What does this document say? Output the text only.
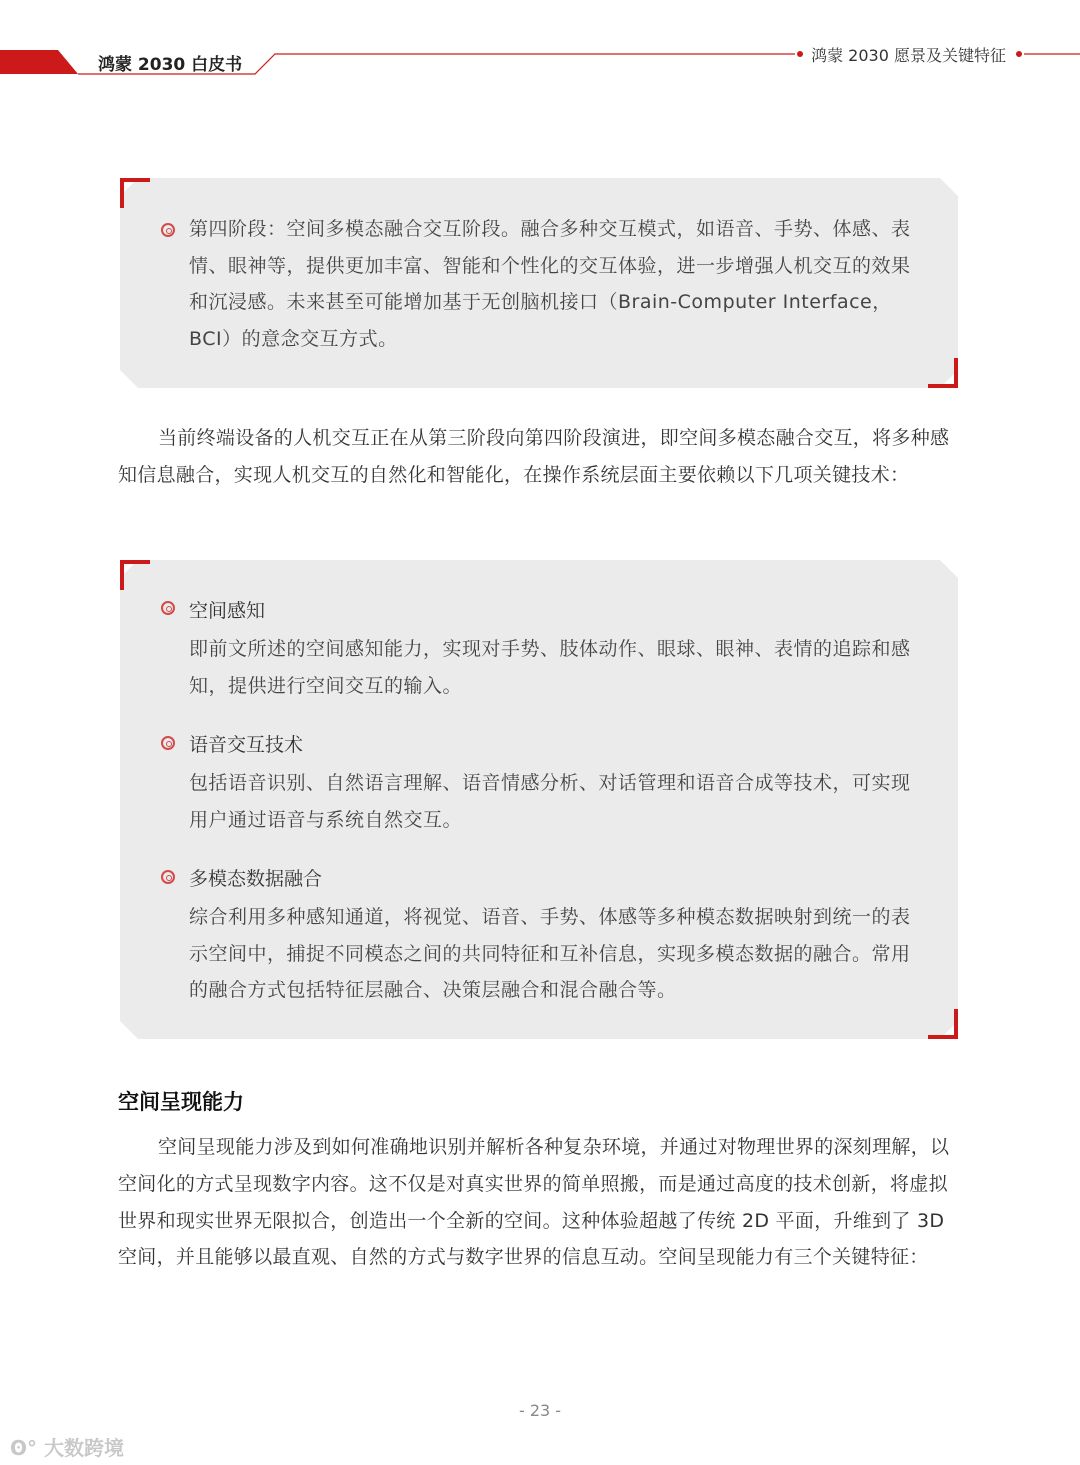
鸿蒙 2030 白皮书	鸿蒙 2030 愿景及关键特征
第四阶段：空间多模态融合交互阶段。融合多种交互模式，如语音、手势、体感、表情、眼神等，提供更加丰富、智能和个性化的交互体验，进一步增强人机交互的效果和沉浸感。未来甚至可能增加基于无创脑机接口（Brain-Computer Interface，BCI）的意念交互方式。
当前终端设备的人机交互正在从第三阶段向第四阶段演进，即空间多模态融合交互，将多种感知信息融合，实现人机交互的自然化和智能化，在操作系统层面主要依赖以下几项关键技术：
空间感知
即前文所述的空间感知能力，实现对手势、肢体动作、眼球、眼神、表情的追踪和感知，提供进行空间交互的输入。
语音交互技术
包括语音识别、自然语言理解、语音情感分析、对话管理和语音合成等技术，可实现用户通过语音与系统自然交互。
多模态数据融合
综合利用多种感知通道，将视觉、语音、手势、体感等多种模态数据映射到统一的表示空间中，捕捉不同模态之间的共同特征和互补信息，实现多模态数据的融合。常用的融合方式包括特征层融合、决策层融合和混合融合等。
空间呈现能力
空间呈现能力涉及到如何准确地识别并解析各种复杂环境，并通过对物理世界的深刻理解，以空间化的方式呈现数字内容。这不仅是对真实世界的简单照搬，而是通过高度的技术创新，将虚拟世界和现实世界无限拟合，创造出一个全新的空间。这种体验超越了传统 2D 平面，升维到了 3D 空间，并且能够以最直观、自然的方式与数字世界的信息互动。空间呈现能力有三个关键特征：
- 23 -
ʘ° 大数跨境
